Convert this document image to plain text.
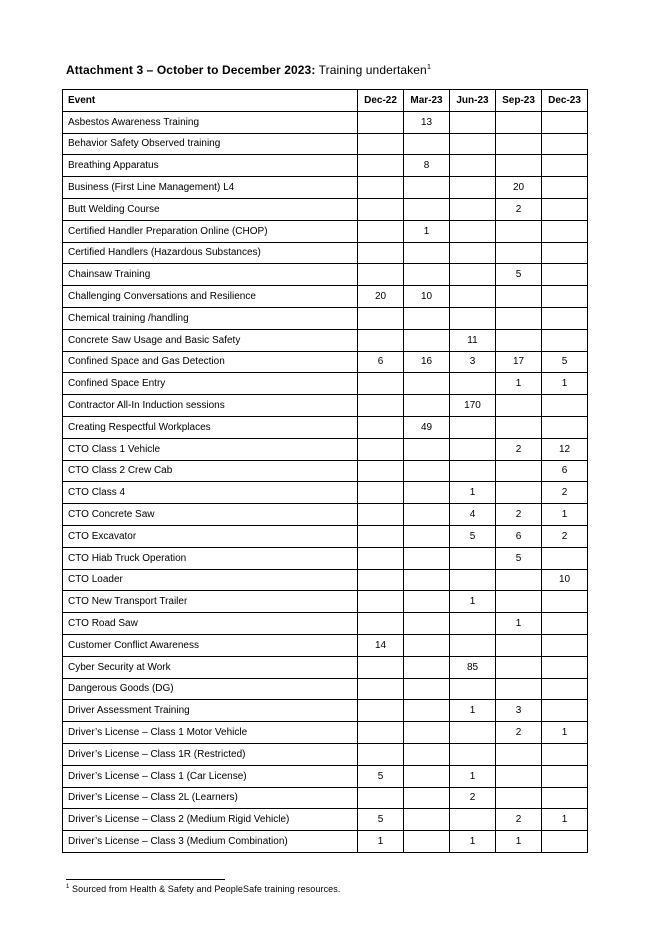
Attachment 3 – October to December 2023: Training undertaken$^1$
Event	Dec-22	Mar-23	Jun-23	Sep-23	Dec-23
Asbestos Awareness Training		13			
Behavior Safety Observed training					
Breathing Apparatus		8			
Business (First Line Management) L4				20	
Butt Welding Course				2	
Certified Handler Preparation Online (CHOP)		1			
Certified Handlers (Hazardous Substances)					
Chainsaw Training				5	
Challenging Conversations and Resilience	20	10			
Chemical training /handling					
Concrete Saw Usage and Basic Safety			11		
Confined Space and Gas Detection	6	16	3	17	5
Confined Space Entry				1	1
Contractor All-In Induction sessions			170		
Creating Respectful Workplaces		49			
CTO Class 1 Vehicle				2	12
CTO Class 2 Crew Cab					6
CTO Class 4			1		2
CTO Concrete Saw			4	2	1
CTO Excavator			5	6	2
CTO Hiab Truck Operation				5	
CTO Loader					10
CTO New Transport Trailer			1		
CTO Road Saw				1	
Customer Conflict Awareness	14				
Cyber Security at Work			85		
Dangerous Goods (DG)					
Driver Assessment Training			1	3	
Driver’s License – Class 1 Motor Vehicle				2	1
Driver’s License – Class 1R (Restricted)					
Driver’s License – Class 1 (Car License)	5		1		
Driver’s License – Class 2L (Learners)			2		
Driver’s License – Class 2 (Medium Rigid Vehicle)	5			2	1
Driver’s License – Class 3 (Medium Combination)	1		1	1	
$^1$ Sourced from Health & Safety and PeopleSafe training resources.
